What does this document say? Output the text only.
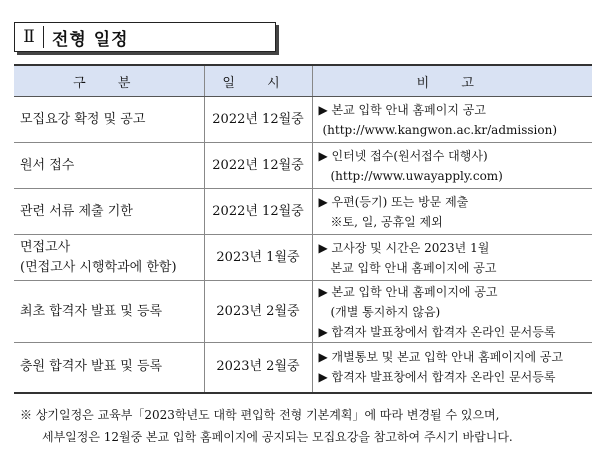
Ⅱ	전형 일정
구 분	일 시	비 고
모집요강 확정 및 공고	2022년 12월중	▶ 본교 입학 안내 홈페이지 공고
(http://www.kangwon.ac.kr/admission)

원서 접수	2022년 12월중	▶ 인터넷 접수(원서접수 대행사)
(http://www.uwayapply.com)

관련 서류 제출 기한	2022년 12월중	▶ 우편(등기) 또는 방문 제출
※토, 일, 공휴일 제외

면접고사
(면접고사 시행학과에 한함)	2023년 1월중	▶ 고사장 및 시간은 2023년 1월
본교 입학 안내 홈페이지에 공고

최초 합격자 발표 및 등록	2023년 2월중	▶ 본교 입학 안내 홈페이지에 공고
(개별 통지하지 않음)
▶ 합격자 발표창에서 합격자 온라인 문서등록

충원 합격자 발표 및 등록	2023년 2월중	▶ 개별통보 및 본교 입학 안내 홈페이지에 공고
▶ 합격자 발표창에서 합격자 온라인 문서등록
※ 상기일정은 교육부「2023학년도 대학 편입학 전형 기본계획」에 따라 변경될 수 있으며,
세부일정은 12월중 본교 입학 홈페이지에 공지되는 모집요강을 참고하여 주시기 바랍니다.
